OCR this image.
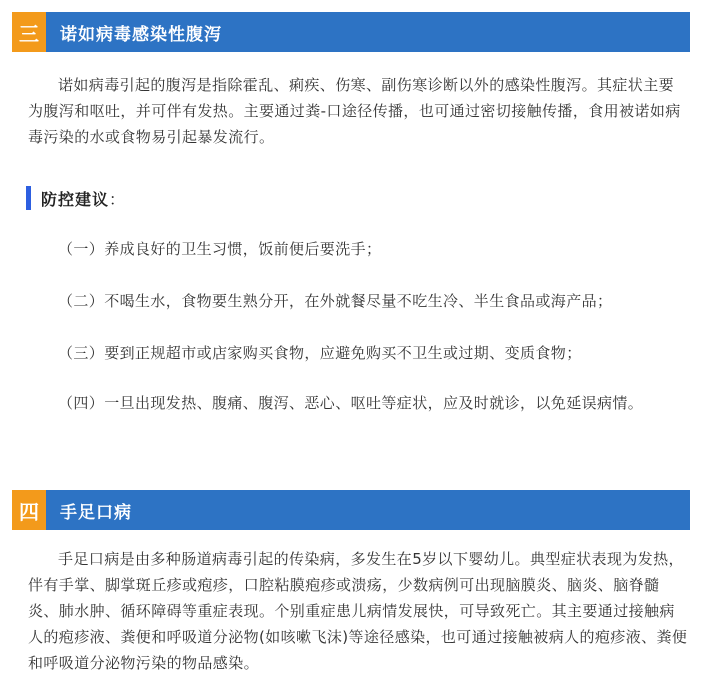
三	诺如病毒感染性腹泻

诺如病毒引起的腹泻是指除霍乱、痢疾、伤寒、副伤寒诊断以外的感染性腹泻。其症状主要为腹泻和呕吐，并可伴有发热。主要通过粪-口途径传播，也可通过密切接触传播，食用被诺如病毒污染的水或食物易引起暴发流行。

防控建议 ：

（一）养成良好的卫生习惯，饭前便后要洗手；

（二）不喝生水，食物要生熟分开，在外就餐尽量不吃生冷、半生食品或海产品；

（三）要到正规超市或店家购买食物，应避免购买不卫生或过期、变质食物；

（四）一旦出现发热、腹痛、腹泻、恶心、呕吐等症状，应及时就诊，以免延误病情。

四	手足口病

手足口病是由多种肠道病毒引起的传染病，多发生在5岁以下婴幼儿。典型症状表现为发热，伴有手掌、脚掌斑丘疹或疱疹，口腔粘膜疱疹或溃疡，少数病例可出现脑膜炎、脑炎、脑脊髓炎、肺水肿、循环障碍等重症表现。个别重症患儿病情发展快，可导致死亡。其主要通过接触病人的疱疹液、粪便和呼吸道分泌物(如咳嗽飞沫)等途径感染，也可通过接触被病人的疱疹液、粪便和呼吸道分泌物污染的物品感染。
